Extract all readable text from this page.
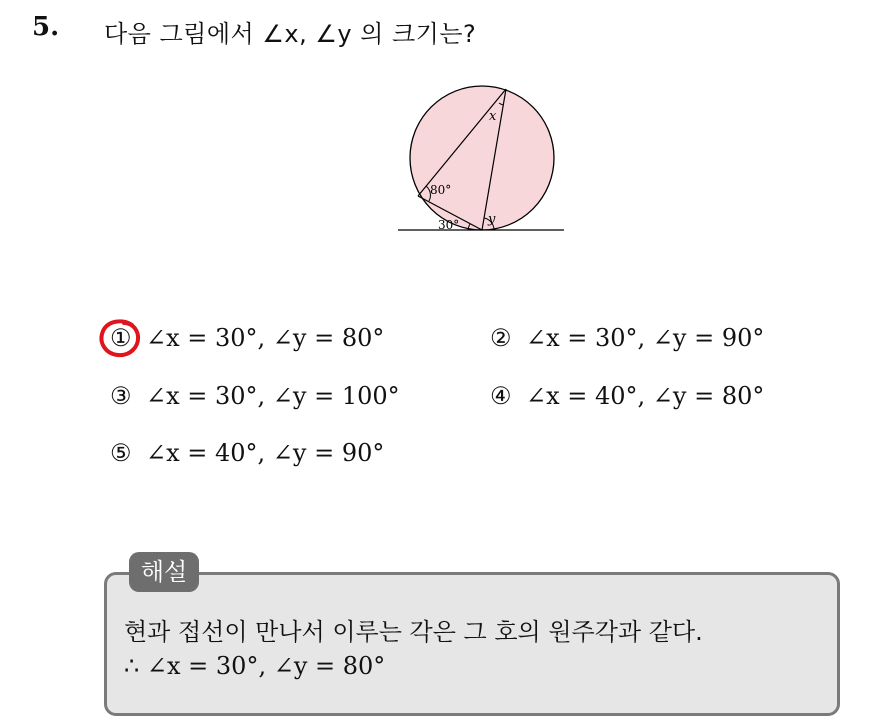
5. 다음 그림에서 ∠x, ∠y 의 크기는?
x
80°
30° y
① ∠x = 30°, ∠y = 80°	② ∠x = 30°, ∠y = 90°
③ ∠x = 30°, ∠y = 100°	④ ∠x = 40°, ∠y = 80°
⑤ ∠x = 40°, ∠y = 90°
해설
현과 접선이 만나서 이루는 각은 그 호의 원주각과 같다.
∴ ∠x = 30°, ∠y = 80°
